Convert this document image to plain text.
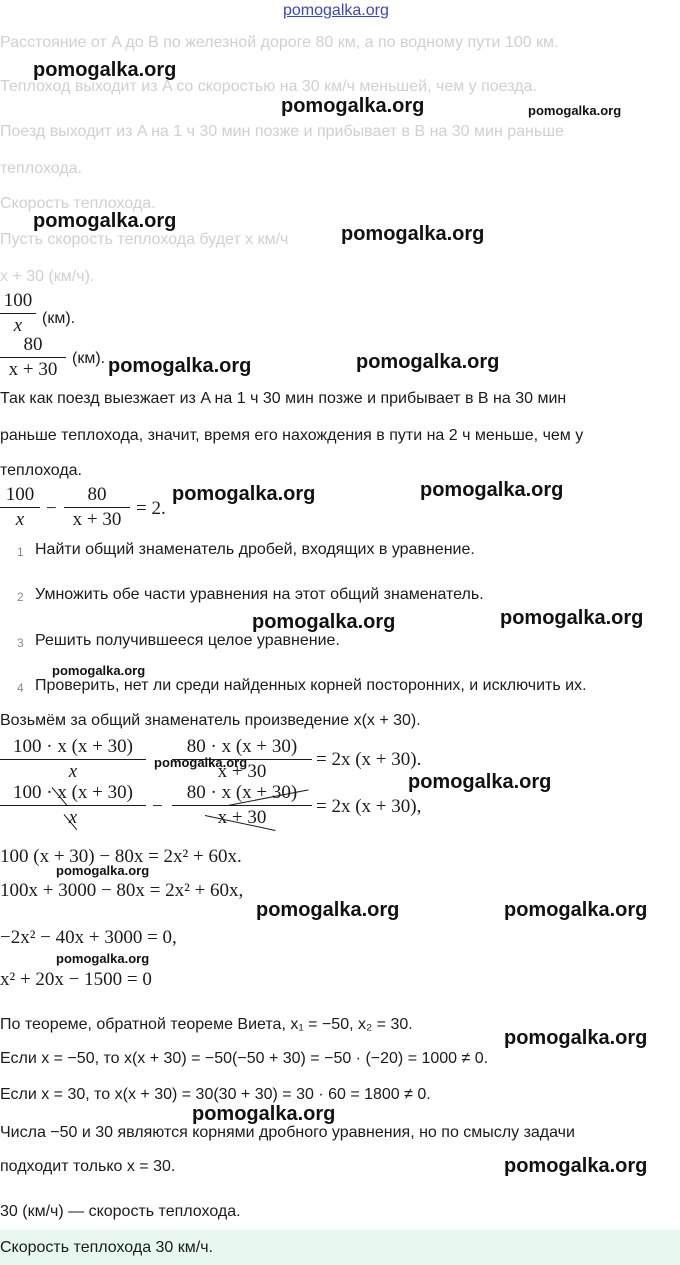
pomogalka.org
Расстояние от A до B по железной дороге 80 км, а по водному пути 100 км.
Теплоход выходит из A со скоростью на 30 км/ч меньшей, чем у поезда.
Поезд выходит из A на 1 ч 30 мин позже и прибывает в B на 30 мин раньше
теплохода.
Скорость теплохода.
Пусть скорость теплохода будет x км/ч
x + 30 (км/ч).
100
x	(км).
80
x + 30
(км).
Так как поезд выезжает из A на 1 ч 30 мин позже и прибывает в B на 30 мин
раньше теплохода, значит, время его нахождения в пути на 2 ч меньше, чем у
теплохода.
100
x
−
80
x + 30
= 2.
1 Найти общий знаменатель дробей, входящих в уравнение.
2 Умножить обе части уравнения на этот общий знаменатель.
3 Решить получившееся целое уравнение.
4 Проверить, нет ли среди найденных корней посторонних, и исключить их.
Возьмём за общий знаменатель произведение x(x + 30).
100 · x (x + 30)
x
80 · x (x + 30)
x + 30
= 2x (x + 30).
100 · x (x + 30)
x
−
80 · x (x + 30)
x + 30
= 2x (x + 30),
100 (x + 30) − 80x = 2x² + 60x.
100x + 3000 − 80x = 2x² + 60x,
−2x² − 40x + 3000 = 0,
x² + 20x − 1500 = 0
По теореме, обратной теореме Виета, x₁ = −50, x₂ = 30.
Если x = −50, то x(x + 30) = −50(−50 + 30) = −50 · (−20) = 1000 ≠ 0.
Если x = 30, то x(x + 30) = 30(30 + 30) = 30 · 60 = 1800 ≠ 0.
Числа −50 и 30 являются корнями дробного уравнения, но по смыслу задачи
подходит только x = 30.
30 (км/ч) — скорость теплохода.
Скорость теплохода 30 км/ч.
pomogalka.org
pomogalka.org	pomogalka.org
pomogalka.org
pomogalka.org
pomogalka.org	pomogalka.org
pomogalka.org	pomogalka.org
pomogalka.org	pomogalka.org
pomogalka.org
pomogalka.org
pomogalka.org
pomogalka.org
pomogalka.org	pomogalka.org
pomogalka.org
pomogalka.org
pomogalka.org
pomogalka.org
